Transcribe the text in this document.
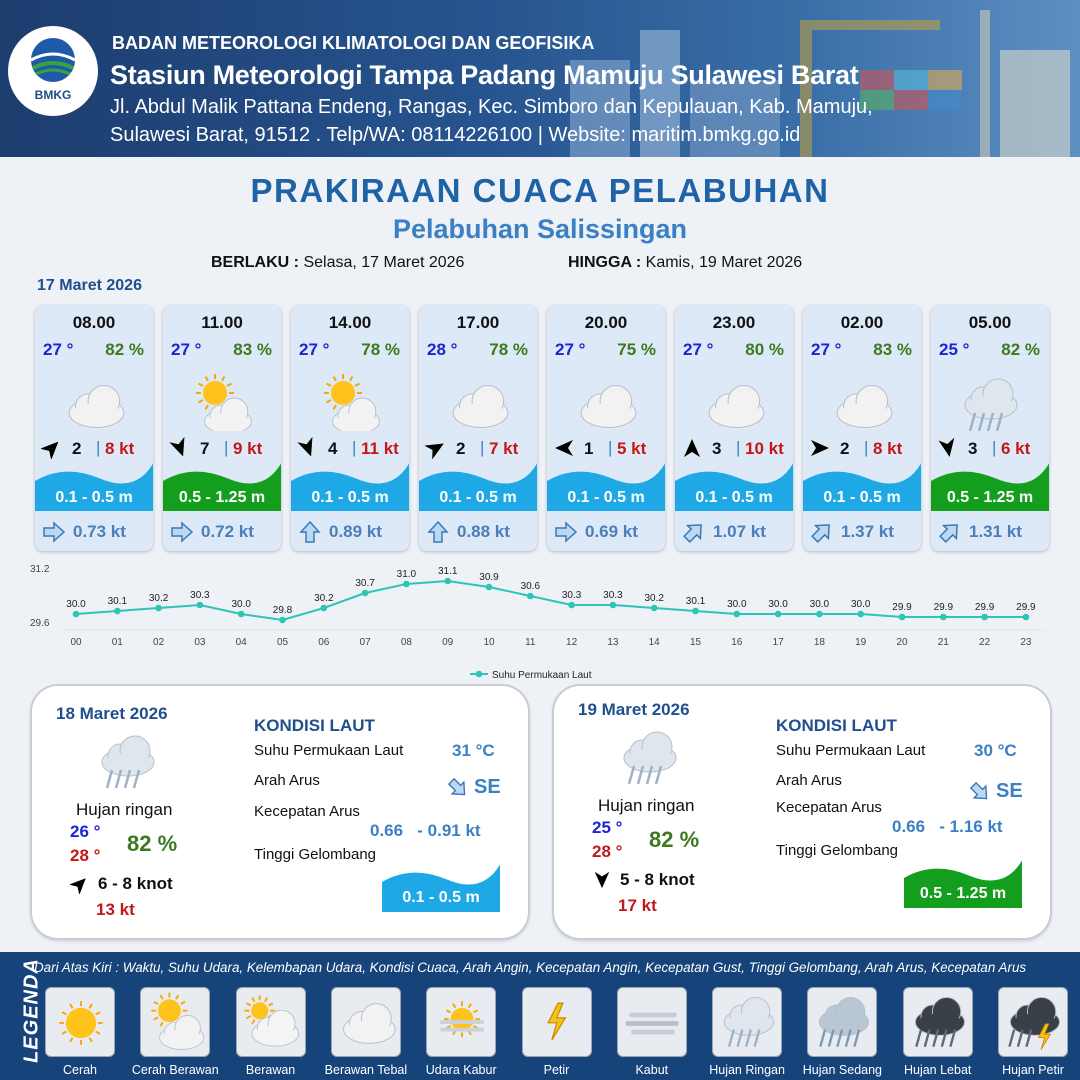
BMKG
BADAN METEOROLOGI KLIMATOLOGI DAN GEOFISIKA
Stasiun Meteorologi Tampa Padang Mamuju Sulawesi Barat
Jl. Abdul Malik Pattana Endeng, Rangas, Kec. Simboro dan Kepulauan, Kab. Mamuju,
Sulawesi Barat, 91512 . Telp/WA: 08114226100 | Website: maritim.bmkg.go.id
PRAKIRAAN CUACA PELABUHAN
Pelabuhan Salissingan
BERLAKU : Selasa, 17 Maret 2026	HINGGA : Kamis, 19 Maret 2026
17 Maret 2026
08.00
27 ° 82 %
2 | 8 kt
0.1 - 0.5 m
0.73 kt
11.00
27 ° 83 %
7 | 9 kt
0.5 - 1.25 m
0.72 kt
14.00
27 ° 78 %
4 | 11 kt
0.1 - 0.5 m
0.89 kt
17.00
28 ° 78 %
2 | 7 kt
0.1 - 0.5 m
0.88 kt
20.00
27 ° 75 %
1 | 5 kt
0.1 - 0.5 m
0.69 kt
23.00
27 ° 80 %
3 | 10 kt
0.1 - 0.5 m
1.07 kt
02.00
27 ° 83 %
2 | 8 kt
0.1 - 0.5 m
1.37 kt
05.00
25 ° 82 %
3 | 6 kt
0.5 - 1.25 m
1.31 kt
31.2
29.6
30.0
00
30.1
01
30.2
02
30.3
03
30.0
04
29.8
05
30.2
06
30.7
07
31.0
08
31.1
09
30.9
10
30.6
11
30.3
12
30.3
13
30.2
14
30.1
15
30.0
16
30.0
17
30.0
18
30.0
19
29.9
20
29.9
21
29.9
22
29.9
23
Suhu Permukaan Laut
18 Maret 2026
Hujan ringan
26 °
28 ° 82 %
6 - 8 knot
13 kt
KONDISI LAUT
Suhu Permukaan Laut	31 °C
Arah Arus	SE
Kecepatan Arus
0.66   - 0.91 kt
Tinggi Gelombang
0.1 - 0.5 m
19 Maret 2026
Hujan ringan
25 °
28 ° 82 %
5 - 8 knot
17 kt
KONDISI LAUT
Suhu Permukaan Laut	30 °C
Arah Arus	SE
Kecepatan Arus
0.66   - 1.16 kt
Tinggi Gelombang
0.5 - 1.25 m
LEGENDA
Dari Atas Kiri : Waktu, Suhu Udara, Kelembapan Udara, Kondisi Cuaca, Arah Angin, Kecepatan Angin, Kecepatan Gust, Tinggi Gelombang, Arah Arus, Kecepatan Arus
Cerah	Cerah Berawan	Berawan	Berawan Tebal	Udara Kabur	Petir	Kabut	Hujan Ringan	Hujan Sedang	Hujan Lebat	Hujan Petir
